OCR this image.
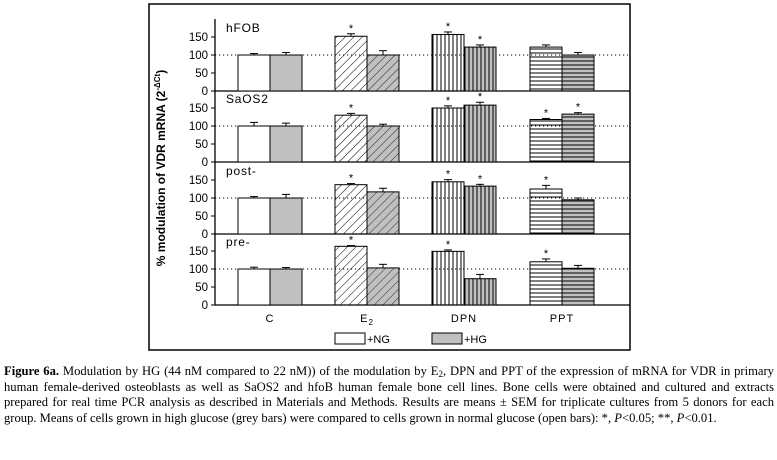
% modulation of VDR mRNA $(2^{-\Delta Ct})$
0
50
100
150
hFOB	*	*
*
0
50
100
150
SaOS2
*
*	*
*	*
0
50
100
150
post-
*	*	*	*
0
50
100
150
pre-	*	*
*
C	$E_2$	DPN	PPT
+NG	+HG

Figure 6a. Modulation by HG (44 nM compared to 22 nM)) of the modulation by $E_2$, DPN and PPT of the expression of mRNA for VDR in primary human female-derived osteoblasts as well as SaOS2 and hfoB human female bone cell lines. Bone cells were obtained and cultured and extracts prepared for real time PCR analysis as described in Materials and Methods. Results are means ± SEM for triplicate cultures from 5 donors for each group. Means of cells grown in high glucose (grey bars) were compared to cells grown in normal glucose (open bars): *, P<0.05; **, P<0.01.
